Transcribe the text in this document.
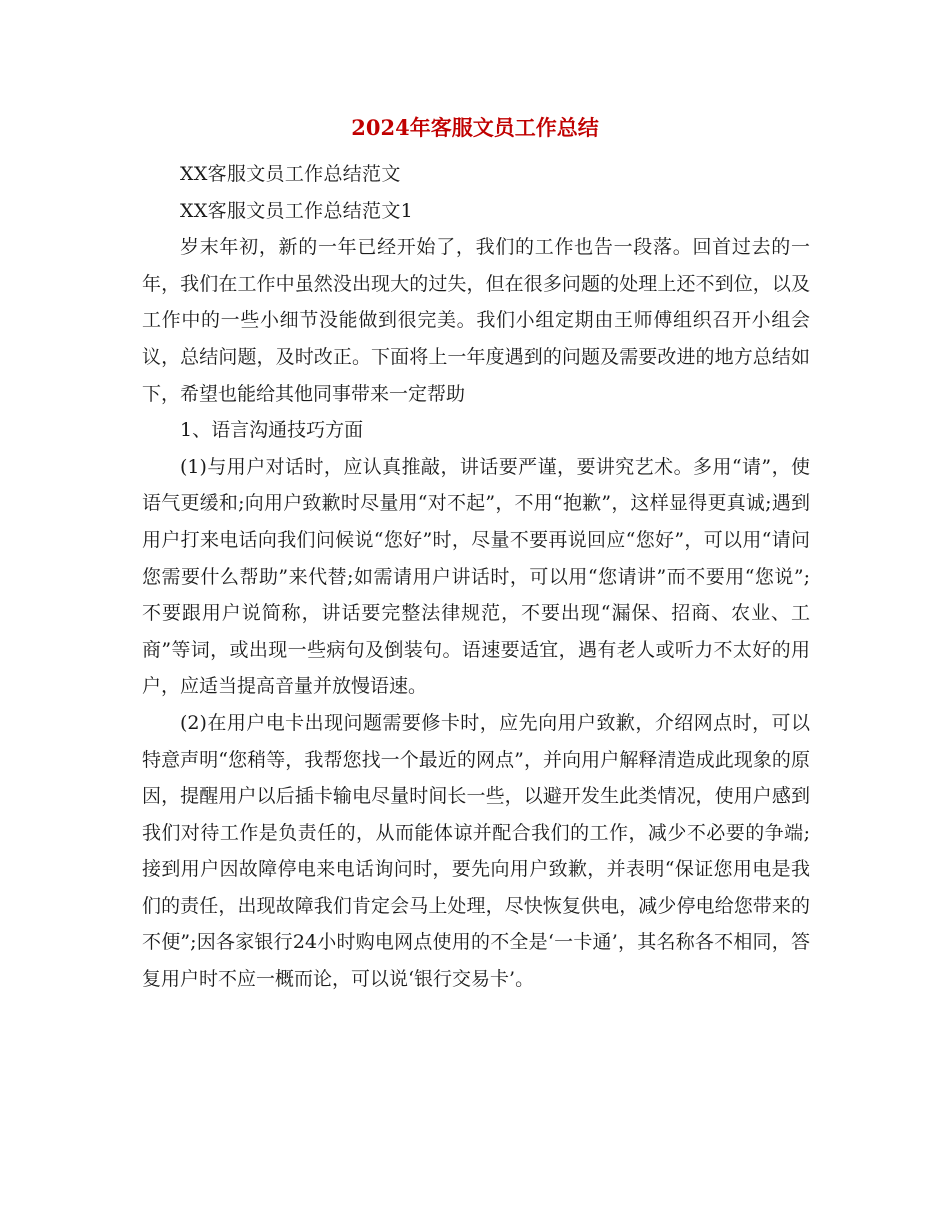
2024年客服文员工作总结

XX客服文员工作总结范文

XX客服文员工作总结范文1

岁末年初，新的一年已经开始了，我们的工作也告一段落。回首过去的一年，我们在工作中虽然没出现大的过失，但在很多问题的处理上还不到位，以及工作中的一些小细节没能做到很完美。我们小组定期由王师傅组织召开小组会议，总结问题，及时改正。下面将上一年度遇到的问题及需要改进的地方总结如下，希望也能给其他同事带来一定帮助

1、语言沟通技巧方面

(1)与用户对话时，应认真推敲，讲话要严谨，要讲究艺术。多用“请”，使语气更缓和;向用户致歉时尽量用“对不起”，不用“抱歉”，这样显得更真诚;遇到用户打来电话向我们问候说“您好”时，尽量不要再说回应“您好”，可以用“请问您需要什么帮助”来代替;如需请用户讲话时，可以用“您请讲”而不要用“您说”;不要跟用户说简称，讲话要完整法律规范，不要出现“漏保、招商、农业、工商”等词，或出现一些病句及倒装句。语速要适宜，遇有老人或听力不太好的用户，应适当提高音量并放慢语速。

(2)在用户电卡出现问题需要修卡时，应先向用户致歉，介绍网点时，可以特意声明“您稍等，我帮您找一个最近的网点”，并向用户解释清造成此现象的原因，提醒用户以后插卡输电尽量时间长一些，以避开发生此类情况，使用户感到我们对待工作是负责任的，从而能体谅并配合我们的工作，减少不必要的争端;接到用户因故障停电来电话询问时，要先向用户致歉，并表明“保证您用电是我们的责任，出现故障我们肯定会马上处理，尽快恢复供电，减少停电给您带来的不便”;因各家银行24小时购电网点使用的不全是‘一卡通’，其名称各不相同，答复用户时不应一概而论，可以说‘银行交易卡’。
